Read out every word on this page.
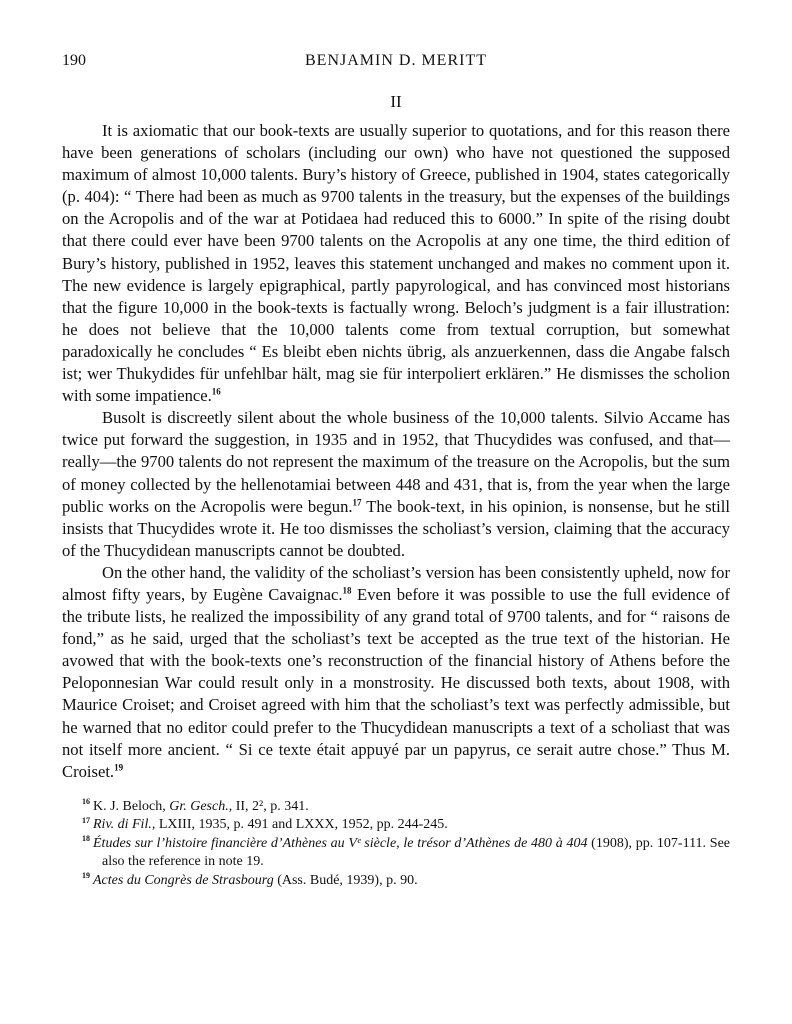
190	BENJAMIN D. MERITT
II

It is axiomatic that our book-texts are usually superior to quotations, and for this reason there have been generations of scholars (including our own) who have not questioned the supposed maximum of almost 10,000 talents. Bury’s history of Greece, published in 1904, states categorically (p. 404): “ There had been as much as 9700 talents in the treasury, but the expenses of the buildings on the Acropolis and of the war at Potidaea had reduced this to 6000.” In spite of the rising doubt that there could ever have been 9700 talents on the Acropolis at any one time, the third edition of Bury’s history, published in 1952, leaves this statement unchanged and makes no comment upon it. The new evidence is largely epigraphical, partly papyrological, and has convinced most historians that the figure 10,000 in the book-texts is factually wrong. Beloch’s judgment is a fair illustration: he does not believe that the 10,000 talents come from textual corruption, but somewhat paradoxically he concludes “ Es bleibt eben nichts übrig, als anzuerkennen, dass die Angabe falsch ist; wer Thukydides für unfehlbar hält, mag sie für interpoliert erklären.” He dismisses the scholion with some impatience.$^{16}$

Busolt is discreetly silent about the whole business of the 10,000 talents. Silvio Accame has twice put forward the suggestion, in 1935 and in 1952, that Thucydides was confused, and that—really—the 9700 talents do not represent the maximum of the treasure on the Acropolis, but the sum of money collected by the hellenotamiai between 448 and 431, that is, from the year when the large public works on the Acropolis were begun.$^{17}$ The book-text, in his opinion, is nonsense, but he still insists that Thucydides wrote it. He too dismisses the scholiast’s version, claiming that the accuracy of the Thucydidean manuscripts cannot be doubted.

On the other hand, the validity of the scholiast’s version has been consistently upheld, now for almost fifty years, by Eugène Cavaignac.$^{18}$ Even before it was possible to use the full evidence of the tribute lists, he realized the impossibility of any grand total of 9700 talents, and for “ raisons de fond,” as he said, urged that the scholiast’s text be accepted as the true text of the historian. He avowed that with the book-texts one’s reconstruction of the financial history of Athens before the Peloponnesian War could result only in a monstrosity. He discussed both texts, about 1908, with Maurice Croiset; and Croiset agreed with him that the scholiast’s text was perfectly admissible, but he warned that no editor could prefer to the Thucydidean manuscripts a text of a scholiast that was not itself more ancient. “ Si ce texte était appuyé par un papyrus, ce serait autre chose.” Thus M. Croiset.$^{19}$

$^{16}$ K. J. Beloch, Gr. Gesch., II, 2², p. 341.
$^{17}$ Riv. di Fil., LXIII, 1935, p. 491 and LXXX, 1952, pp. 244-245.
$^{18}$ Études sur l’histoire financière d’Athènes au Vᵉ siècle, le trésor d’Athènes de 480 à 404 (1908), pp. 107-111. See also the reference in note 19.
$^{19}$ Actes du Congrès de Strasbourg (Ass. Budé, 1939), p. 90.
